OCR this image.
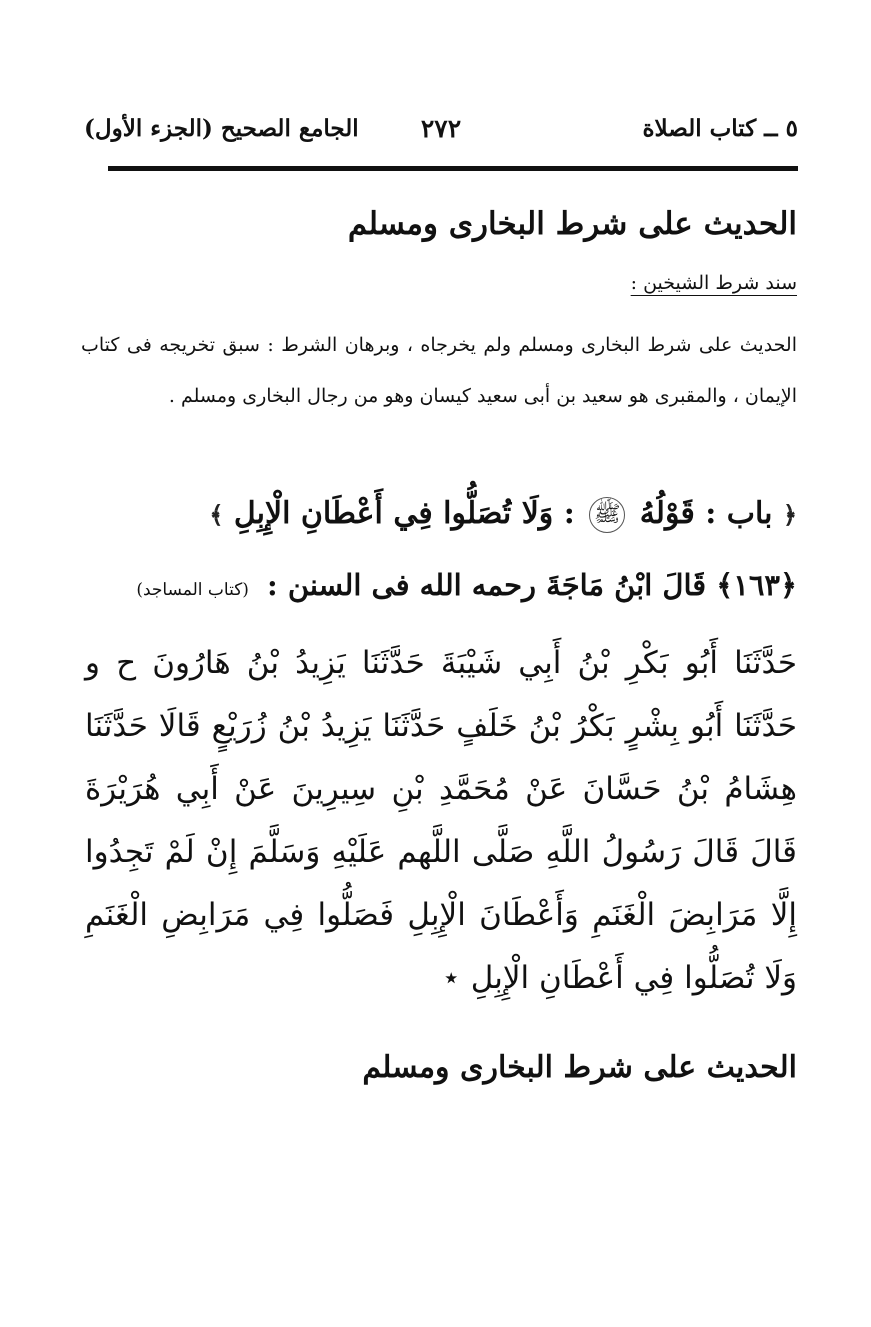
٥ ــ كتاب الصلاة
٢٧٢
الجامع الصحيح (الجزء الأول)
الحديث على شرط البخارى ومسلم
سند شرط الشيخين :
الحديث على شرط البخارى ومسلم ولم يخرجاه ، وبرهان الشرط : سبق تخريجه فى كتاب الإيمان ، والمقبرى هو سعيد بن أبى سعيد كيسان وهو من رجال البخارى ومسلم .
﴿ باب : قَوْلُهُ ﷺ : وَلَا تُصَلُّوا فِي أَعْطَانِ الْإِبِلِ ﴾
﴿١٦٣﴾ قَالَ ابْنُ مَاجَةَ رحمه الله فى السنن : (كتاب المساجد)
حَدَّثَنَا أَبُو بَكْرِ بْنُ أَبِي شَيْبَةَ حَدَّثَنَا يَزِيدُ بْنُ هَارُونَ ح و حَدَّثَنَا أَبُو بِشْرٍ بَكْرُ بْنُ خَلَفٍ حَدَّثَنَا يَزِيدُ بْنُ زُرَيْعٍ قَالَا حَدَّثَنَا هِشَامُ بْنُ حَسَّانَ عَنْ مُحَمَّدِ بْنِ سِيرِينَ عَنْ أَبِي هُرَيْرَةَ قَالَ قَالَ رَسُولُ اللَّهِ صَلَّى اللَّهم عَلَيْهِ وَسَلَّمَ إِنْ لَمْ تَجِدُوا إِلَّا مَرَابِضَ الْغَنَمِ وَأَعْطَانَ الْإِبِلِ فَصَلُّوا فِي مَرَابِضِ الْغَنَمِ وَلَا تُصَلُّوا فِي أَعْطَانِ الْإِبِلِ ⋆
الحديث على شرط البخارى ومسلم
